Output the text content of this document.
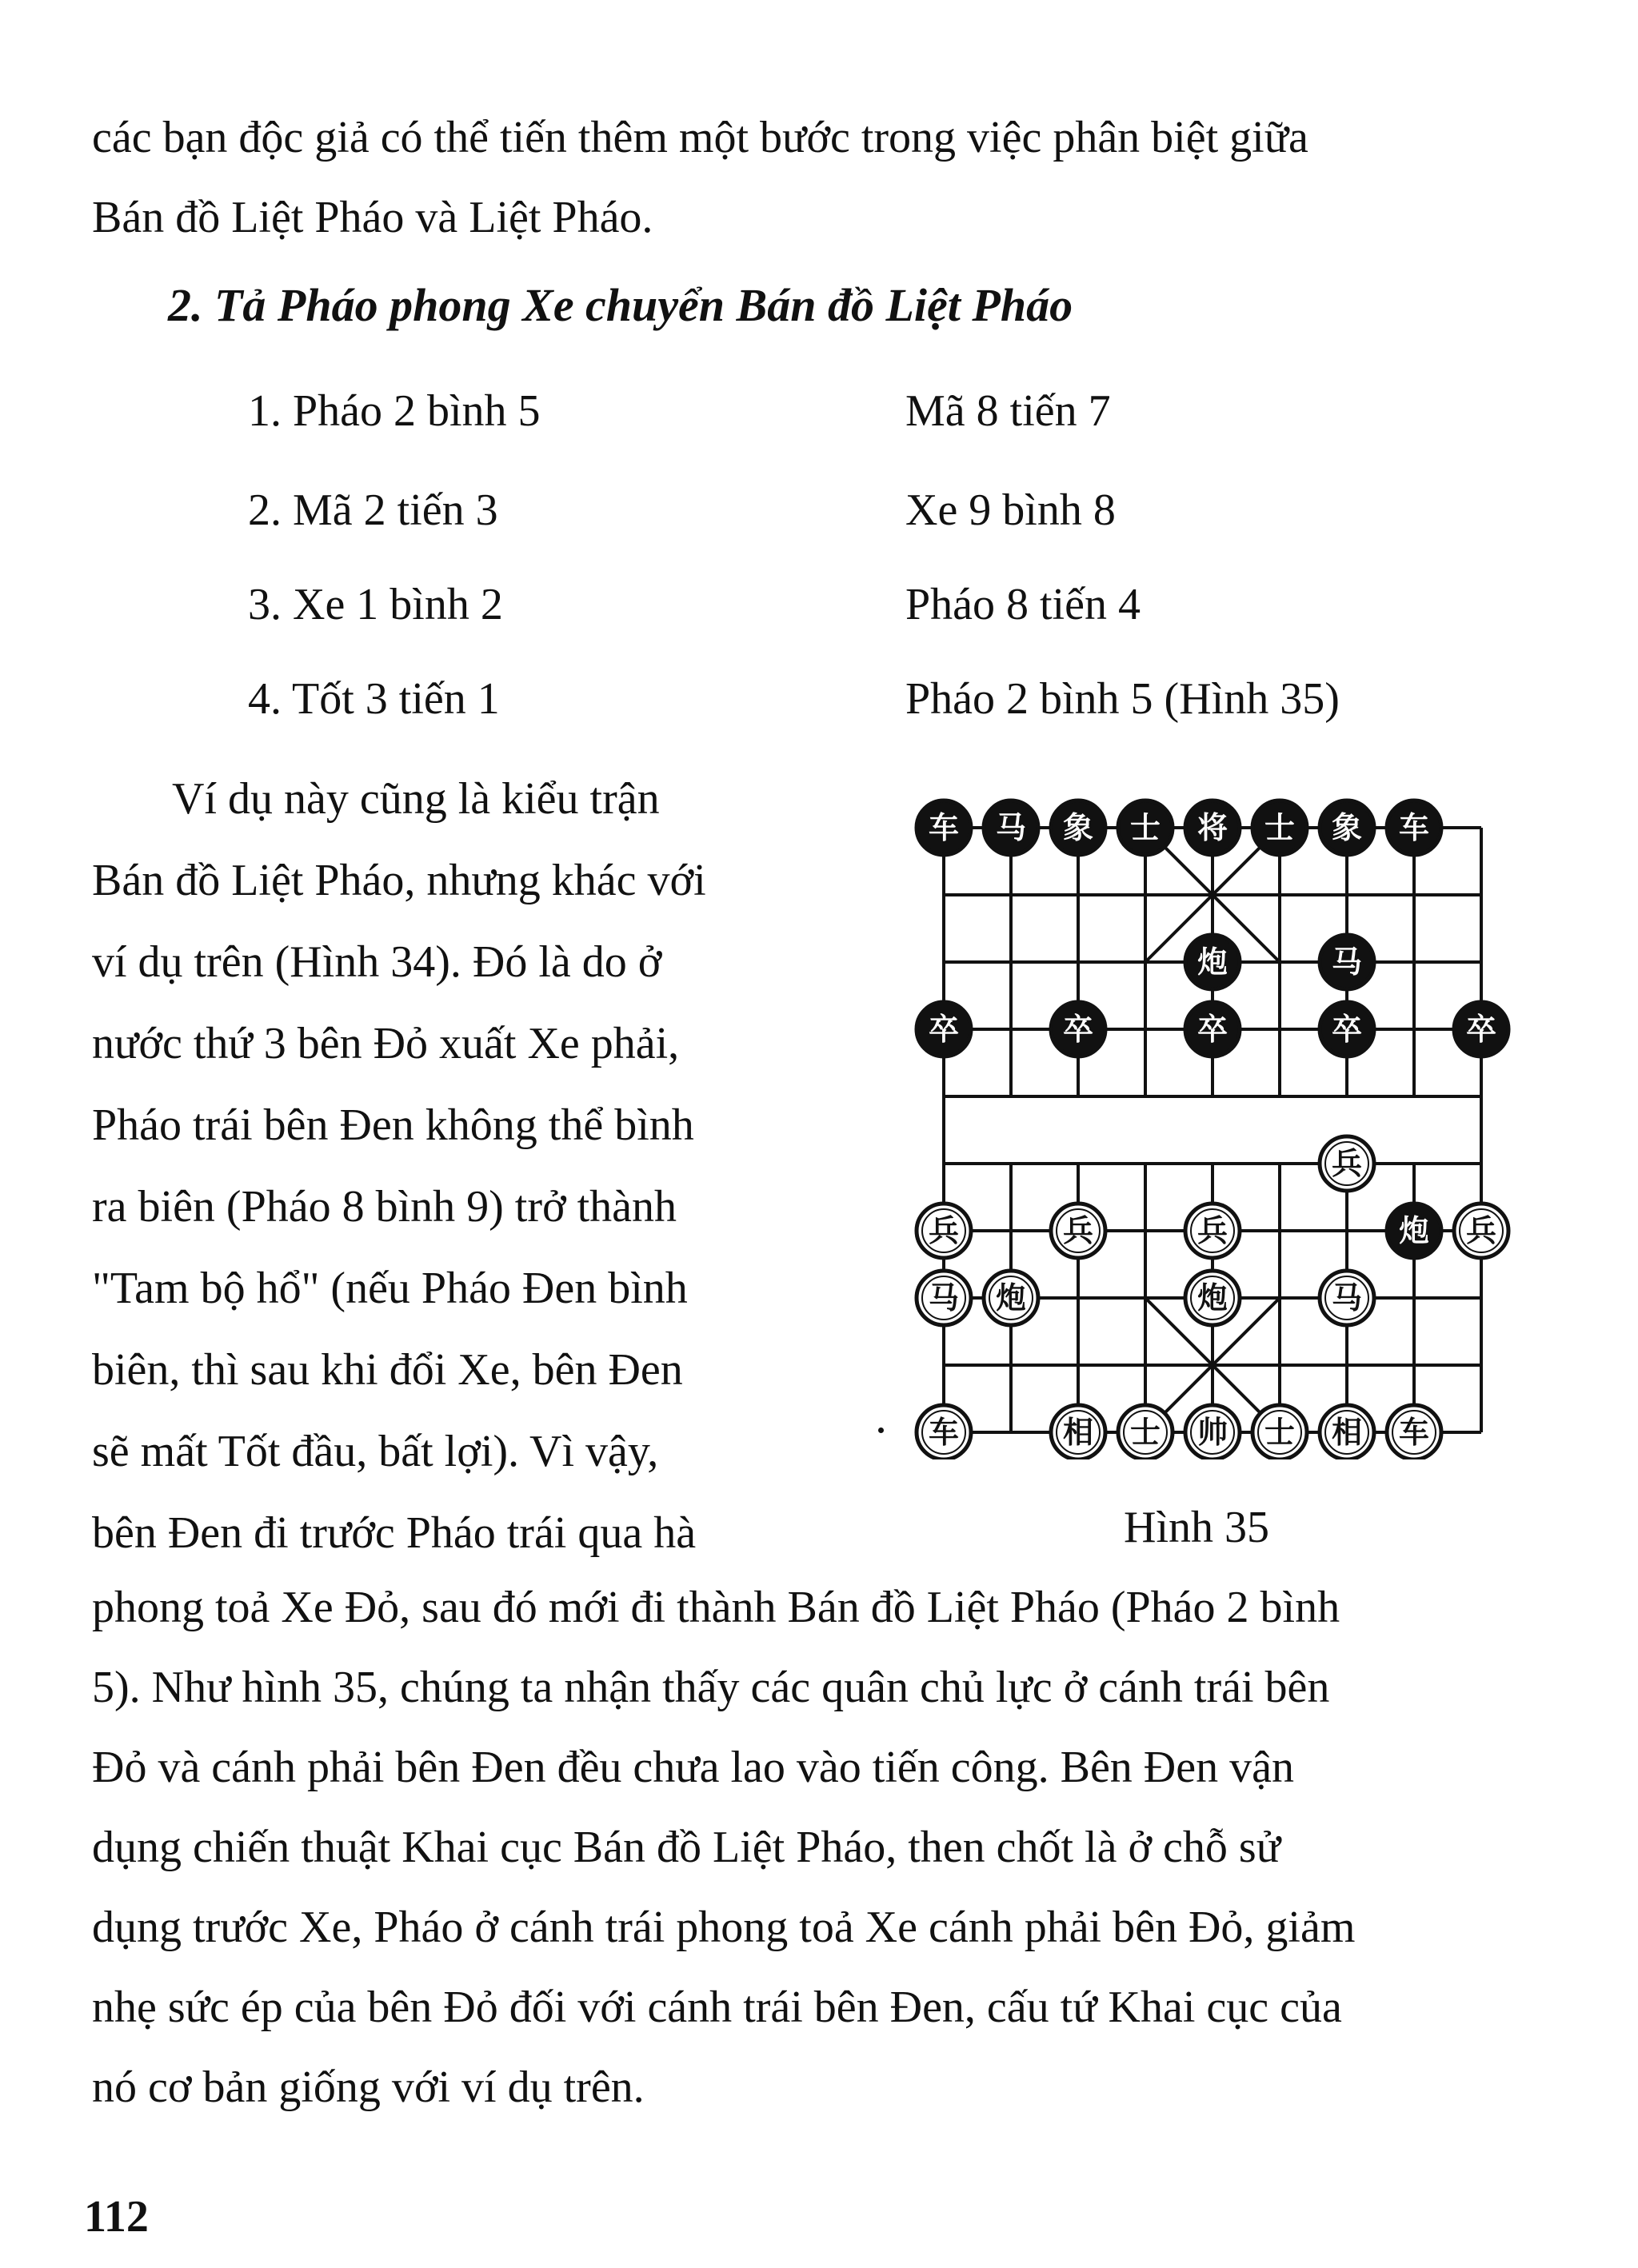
các bạn độc giả có thể tiến thêm một bước trong việc phân biệt giữa
Bán đồ Liệt Pháo và Liệt Pháo.
2. Tả Pháo phong Xe chuyển Bán đồ Liệt Pháo
1. Pháo 2 bình 5	Mã 8 tiến 7
2. Mã 2 tiến 3	Xe 9 bình 8
3. Xe 1 bình 2	Pháo 8 tiến 4
4. Tốt 3 tiến 1	Pháo 2 bình 5 (Hình 35)
Ví dụ này cũng là kiểu trận
Bán đồ Liệt Pháo, nhưng khác với
ví dụ trên (Hình 34). Đó là do ở
nước thứ 3 bên Đỏ xuất Xe phải,
Pháo trái bên Đen không thể bình
ra biên (Pháo 8 bình 9) trở thành
"Tam bộ hổ" (nếu Pháo Đen bình
biên, thì sau khi đổi Xe, bên Đen
sẽ mất Tốt đầu, bất lợi). Vì vậy,
bên Đen đi trước Pháo trái qua hà
车 马 象 士 将 士 象 车
炮	马
卒	卒	卒	卒	卒
兵
兵	兵	兵	炮 兵
马 炮	炮	马
车	相 士 帅 士 相 车
Hình 35
phong toả Xe Đỏ, sau đó mới đi thành Bán đồ Liệt Pháo (Pháo 2 bình
5). Như hình 35, chúng ta nhận thấy các quân chủ lực ở cánh trái bên
Đỏ và cánh phải bên Đen đều chưa lao vào tiến công. Bên Đen vận
dụng chiến thuật Khai cục Bán đồ Liệt Pháo, then chốt là ở chỗ sử
dụng trước Xe, Pháo ở cánh trái phong toả Xe cánh phải bên Đỏ, giảm
nhẹ sức ép của bên Đỏ đối với cánh trái bên Đen, cấu tứ Khai cục của
nó cơ bản giống với ví dụ trên.
112
